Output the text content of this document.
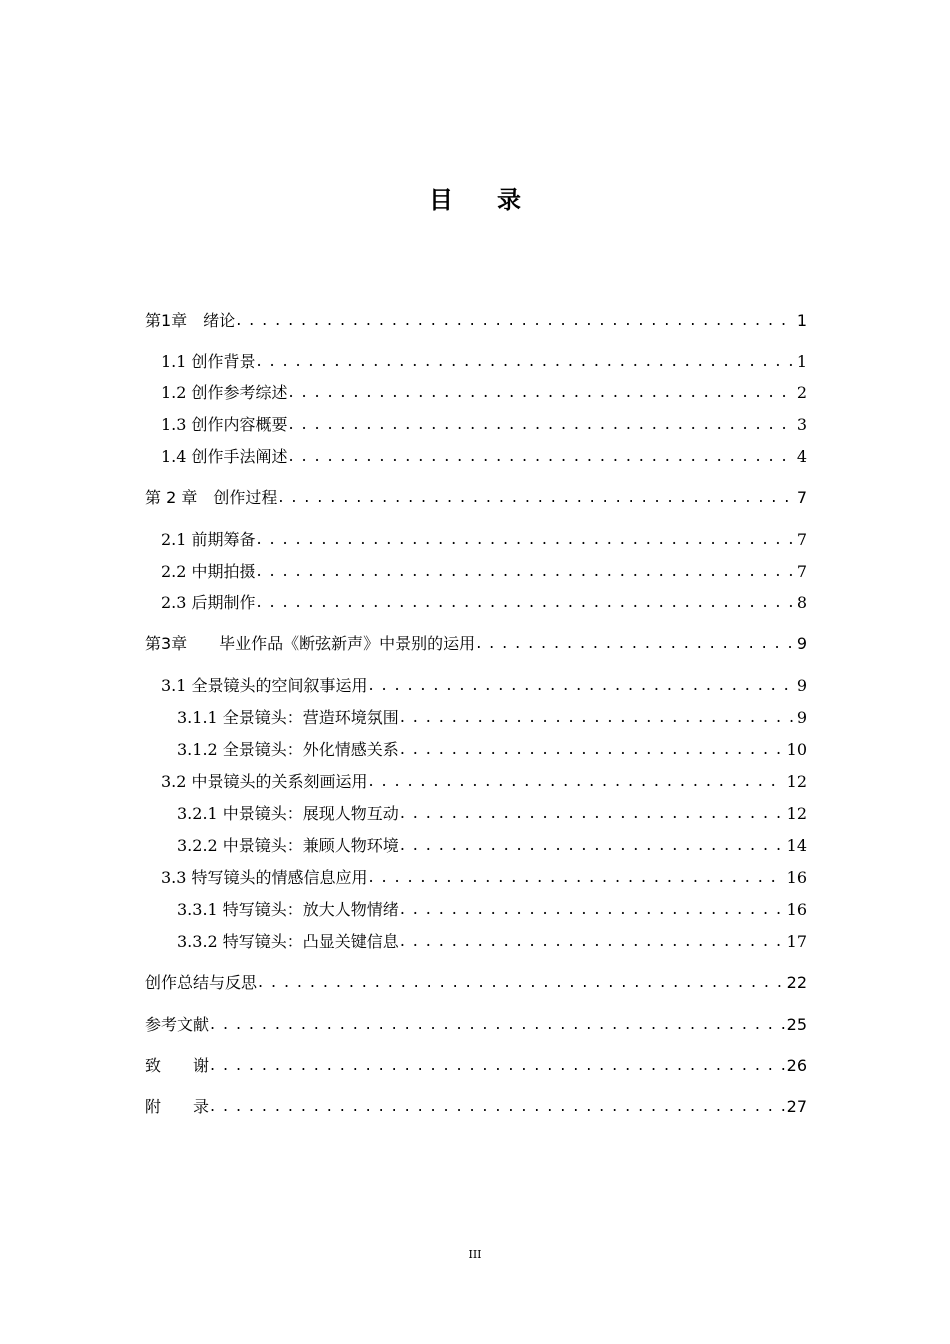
目 录
第1章　绪论 . . .	1
1.1 创作背景 . . .	1
1.2 创作参考综述 . . .	2
1.3 创作内容概要 . . .	3
1.4 创作手法阐述 . . .	4
第 2 章　创作过程 . . .	7
2.1 前期筹备 . . .	7
2.2 中期拍摄 . . .	7
2.3 后期制作 . . .	8
第3章　　毕业作品《断弦新声》中景别的运用 . . .	9
3.1 全景镜头的空间叙事运用 . . .	9
3.1.1 全景镜头：营造环境氛围 . . .	9
3.1.2 全景镜头：外化情感关系 . . .	10
3.2 中景镜头的关系刻画运用 . . .	12
3.2.1 中景镜头：展现人物互动 . . .	12
3.2.2 中景镜头：兼顾人物环境 . . .	14
3.3 特写镜头的情感信息应用 . . .	16
3.3.1 特写镜头：放大人物情绪 . . .	16
3.3.2 特写镜头：凸显关键信息 . . .	17
创作总结与反思 . . .	22
参考文献 . . .	25
致　　谢 . . .	26
附　　录 . . .	27
III
